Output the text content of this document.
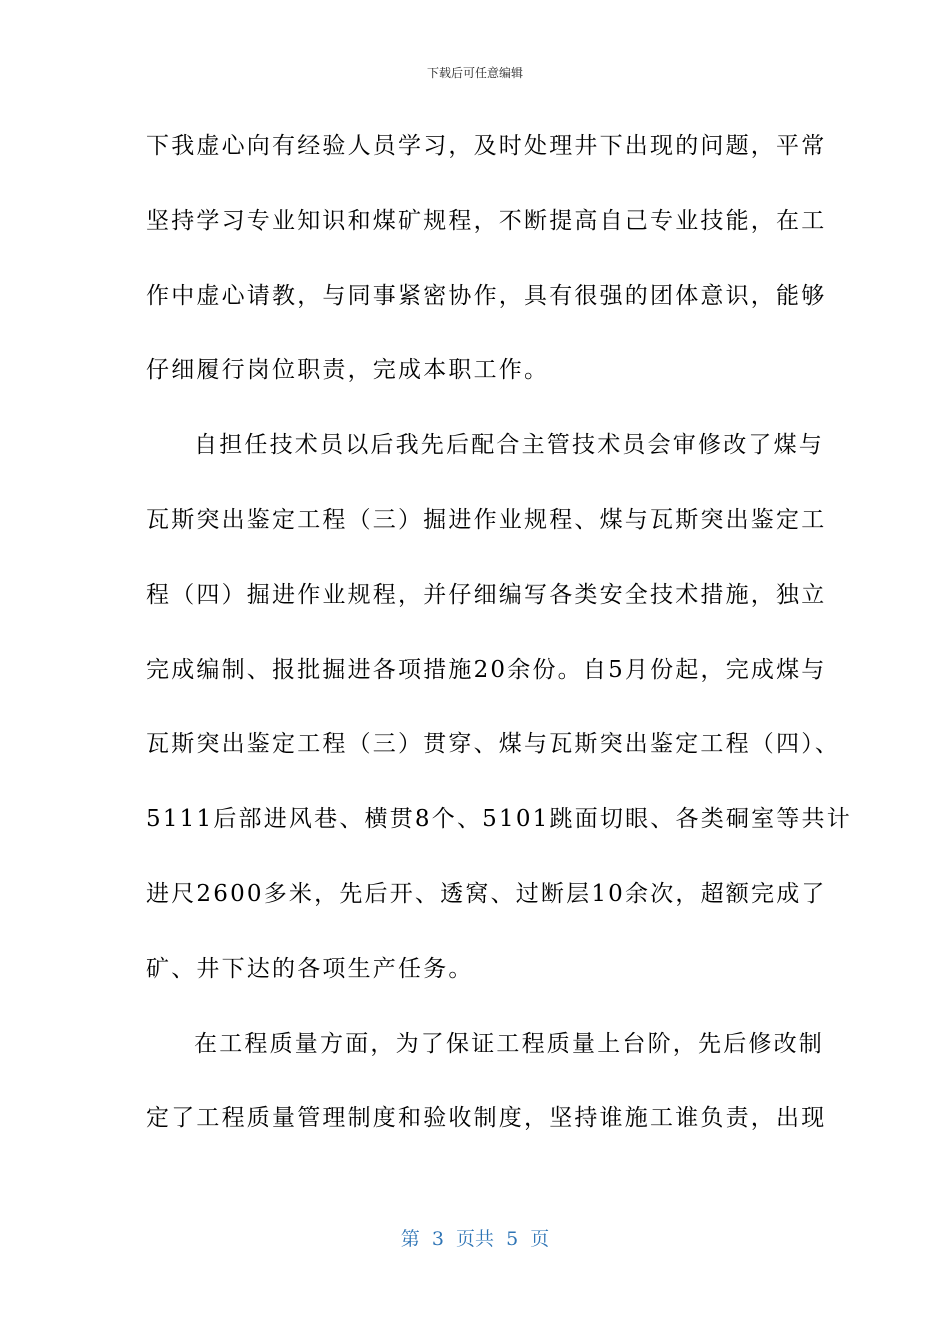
下载后可任意编辑
下我虚心向有经验人员学习，及时处理井下出现的问题，平常
坚持学习专业知识和煤矿规程，不断提高自己专业技能，在工
作中虚心请教，与同事紧密协作，具有很强的团体意识，能够
仔细履行岗位职责，完成本职工作。
自担任技术员以后我先后配合主管技术员会审修改了煤与
瓦斯突出鉴定工程（三）掘进作业规程、煤与瓦斯突出鉴定工
程（四）掘进作业规程，并仔细编写各类安全技术措施，独立
完成编制、报批掘进各项措施20余份。自5月份起，完成煤与
瓦斯突出鉴定工程（三）贯穿、煤与瓦斯突出鉴定工程（四）、
5111后部进风巷、横贯8个、5101跳面切眼、各类硐室等共计
进尺2600多米，先后开、透窝、过断层10余次，超额完成了
矿、井下达的各项生产任务。
在工程质量方面，为了保证工程质量上台阶，先后修改制
定了工程质量管理制度和验收制度，坚持谁施工谁负责，出现
第  3  页共  5  页
